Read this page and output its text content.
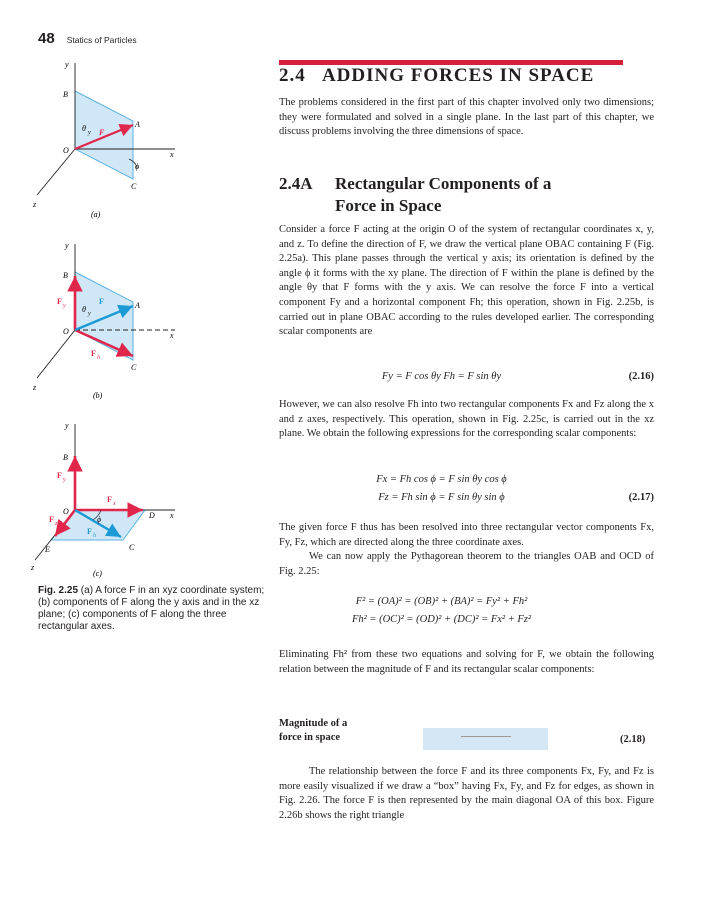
48 Statics of Particles
y
x
z
B
O
A
C
F
θ y
ϕ
(a)
y
x
z
B
O
A
C
F
F y
F h
θ y
(b)
y
x
z
B
O	D
C
E
F y
F x
F z
F h
ϕ
(c)
Fig. 2.25 (a) A force F in an xyz coordinate system; (b) components of F along the y axis and in the xz plane; (c) components of F along the three rectangular axes.
2.4 ADDING FORCES IN SPACE

The problems considered in the first part of this chapter involved only two dimensions; they were formulated and solved in a single plane. In the last part of this chapter, we discuss problems involving the three dimensions of space.

2.4A Rectangular Components of a
Force in Space

Consider a force F acting at the origin O of the system of rectangular coordinates x, y, and z. To define the direction of F, we draw the vertical plane OBAC containing F (Fig. 2.25a). This plane passes through the vertical y axis; its orientation is defined by the angle ϕ it forms with the xy plane. The direction of F within the plane is defined by the angle θy that F forms with the y axis. We can resolve the force F into a vertical component Fy and a horizontal component Fh; this operation, shown in Fig. 2.25b, is carried out in plane OBAC according to the rules developed earlier. The corresponding scalar components are

Fy = F cos θy Fh = F sin θy	(2.16)

However, we can also resolve Fh into two rectangular components Fx and Fz along the x and z axes, respectively. This operation, shown in Fig. 2.25c, is carried out in the xz plane. We obtain the following expressions for the corresponding scalar components:

Fx = Fh cos ϕ = F sin θy cos ϕ
Fz = Fh sin ϕ = F sin θy sin ϕ	(2.17)

The given force F thus has been resolved into three rectangular vector components Fx, Fy, Fz, which are directed along the three coordinate axes.

We can now apply the Pythagorean theorem to the triangles OAB and OCD of Fig. 2.25:

F² = (OA)² = (OB)² + (BA)² = Fy² + Fh²
Fh² = (OC)² = (OD)² + (DC)² = Fx² + Fz²

Eliminating Fh² from these two equations and solving for F, we obtain the following relation between the magnitude of F and its rectangular scalar components:

Magnitude of a
force in space	(2.18)

The relationship between the force F and its three components Fx, Fy, and Fz is more easily visualized if we draw a “box” having Fx, Fy, and Fz for edges, as shown in Fig. 2.26. The force F is then represented by the main diagonal OA of this box. Figure 2.26b shows the right triangle
